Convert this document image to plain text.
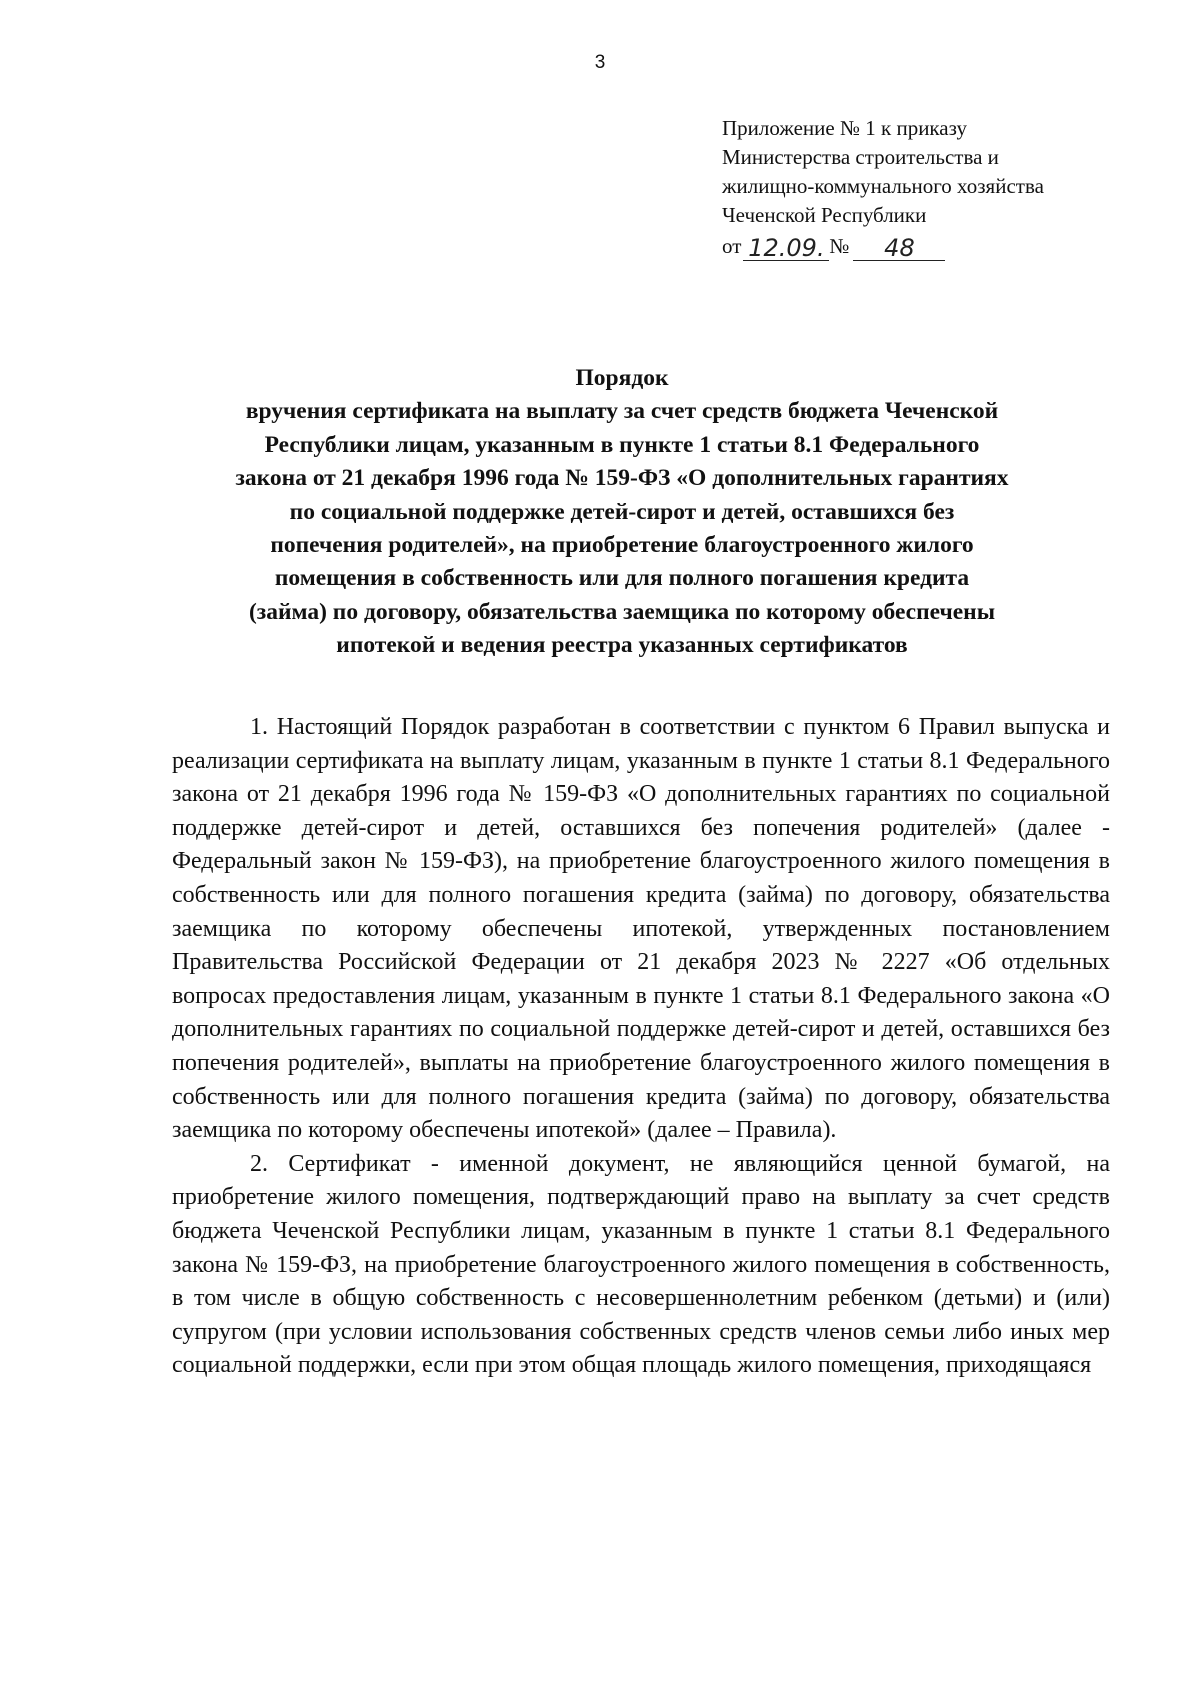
3
Приложение № 1 к приказу
Министерства строительства и
жилищно-коммунального хозяйства
Чеченской Республики
от 12.09. №	48
Порядок
вручения сертификата на выплату за счет средств бюджета Чеченской
Республики лицам, указанным в пункте 1 статьи 8.1 Федерального
закона от 21 декабря 1996 года № 159-ФЗ «О дополнительных гарантиях
по социальной поддержке детей-сирот и детей, оставшихся без
попечения родителей», на приобретение благоустроенного жилого
помещения в собственность или для полного погашения кредита
(займа) по договору, обязательства заемщика по которому обеспечены
ипотекой и ведения реестра указанных сертификатов

1. Настоящий Порядок разработан в соответствии с пунктом 6 Правил выпуска и реализации сертификата на выплату лицам, указанным в пункте 1 статьи 8.1 Федерального закона от 21 декабря 1996 года № 159-ФЗ «О дополнительных гарантиях по социальной поддержке детей-сирот и детей, оставшихся без попечения родителей» (далее - Федеральный закон № 159-ФЗ), на приобретение благоустроенного жилого помещения в собственность или для полного погашения кредита (займа) по договору, обязательства заемщика по которому обеспечены ипотекой, утвержденных постановлением Правительства Российской Федерации от 21 декабря 2023 № 2227 «Об отдельных вопросах предоставления лицам, указанным в пункте 1 статьи 8.1 Федерального закона «О дополнительных гарантиях по социальной поддержке детей-сирот и детей, оставшихся без попечения родителей», выплаты на приобретение благоустроенного жилого помещения в собственность или для полного погашения кредита (займа) по договору, обязательства заемщика по которому обеспечены ипотекой» (далее – Правила).

2. Сертификат - именной документ, не являющийся ценной бумагой, на приобретение жилого помещения, подтверждающий право на выплату за счет средств бюджета Чеченской Республики лицам, указанным в пункте 1 статьи 8.1 Федерального закона № 159-ФЗ, на приобретение благоустроенного жилого помещения в собственность, в том числе в общую собственность с несовершеннолетним ребенком (детьми) и (или) супругом (при условии использования собственных средств членов семьи либо иных мер социальной поддержки, если при этом общая площадь жилого помещения, приходящаяся
